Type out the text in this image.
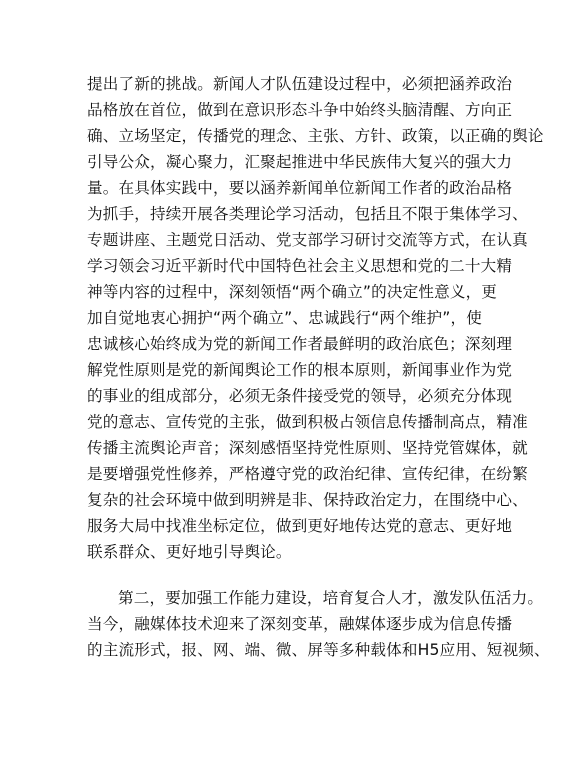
提出了新的挑战。新闻人才队伍建设过程中，必须把涵养政治
品格放在首位，做到在意识形态斗争中始终头脑清醒、方向正
确、立场坚定，传播党的理念、主张、方针、政策，以正确的舆论
引导公众，凝心聚力，汇聚起推进中华民族伟大复兴的强大力
量。在具体实践中，要以涵养新闻单位新闻工作者的政治品格
为抓手，持续开展各类理论学习活动，包括且不限于集体学习、
专题讲座、主题党日活动、党支部学习研讨交流等方式，在认真
学习领会习近平新时代中国特色社会主义思想和党的二十大精
神等内容的过程中，深刻领悟“两个确立”的决定性意义，更
加自觉地衷心拥护“两个确立”、忠诚践行“两个维护”，使
忠诚核心始终成为党的新闻工作者最鲜明的政治底色；深刻理
解党性原则是党的新闻舆论工作的根本原则，新闻事业作为党
的事业的组成部分，必须无条件接受党的领导，必须充分体现
党的意志、宣传党的主张，做到积极占领信息传播制高点，精准
传播主流舆论声音；深刻感悟坚持党性原则、坚持党管媒体，就
是要增强党性修养，严格遵守党的政治纪律、宣传纪律，在纷繁
复杂的社会环境中做到明辨是非、保持政治定力，在围绕中心、
服务大局中找准坐标定位，做到更好地传达党的意志、更好地
联系群众、更好地引导舆论。
第二，要加强工作能力建设，培育复合人才，激发队伍活力。
当今，融媒体技术迎来了深刻变革，融媒体逐步成为信息传播
的主流形式，报、网、端、微、屏等多种载体和H5应用、短视频、
